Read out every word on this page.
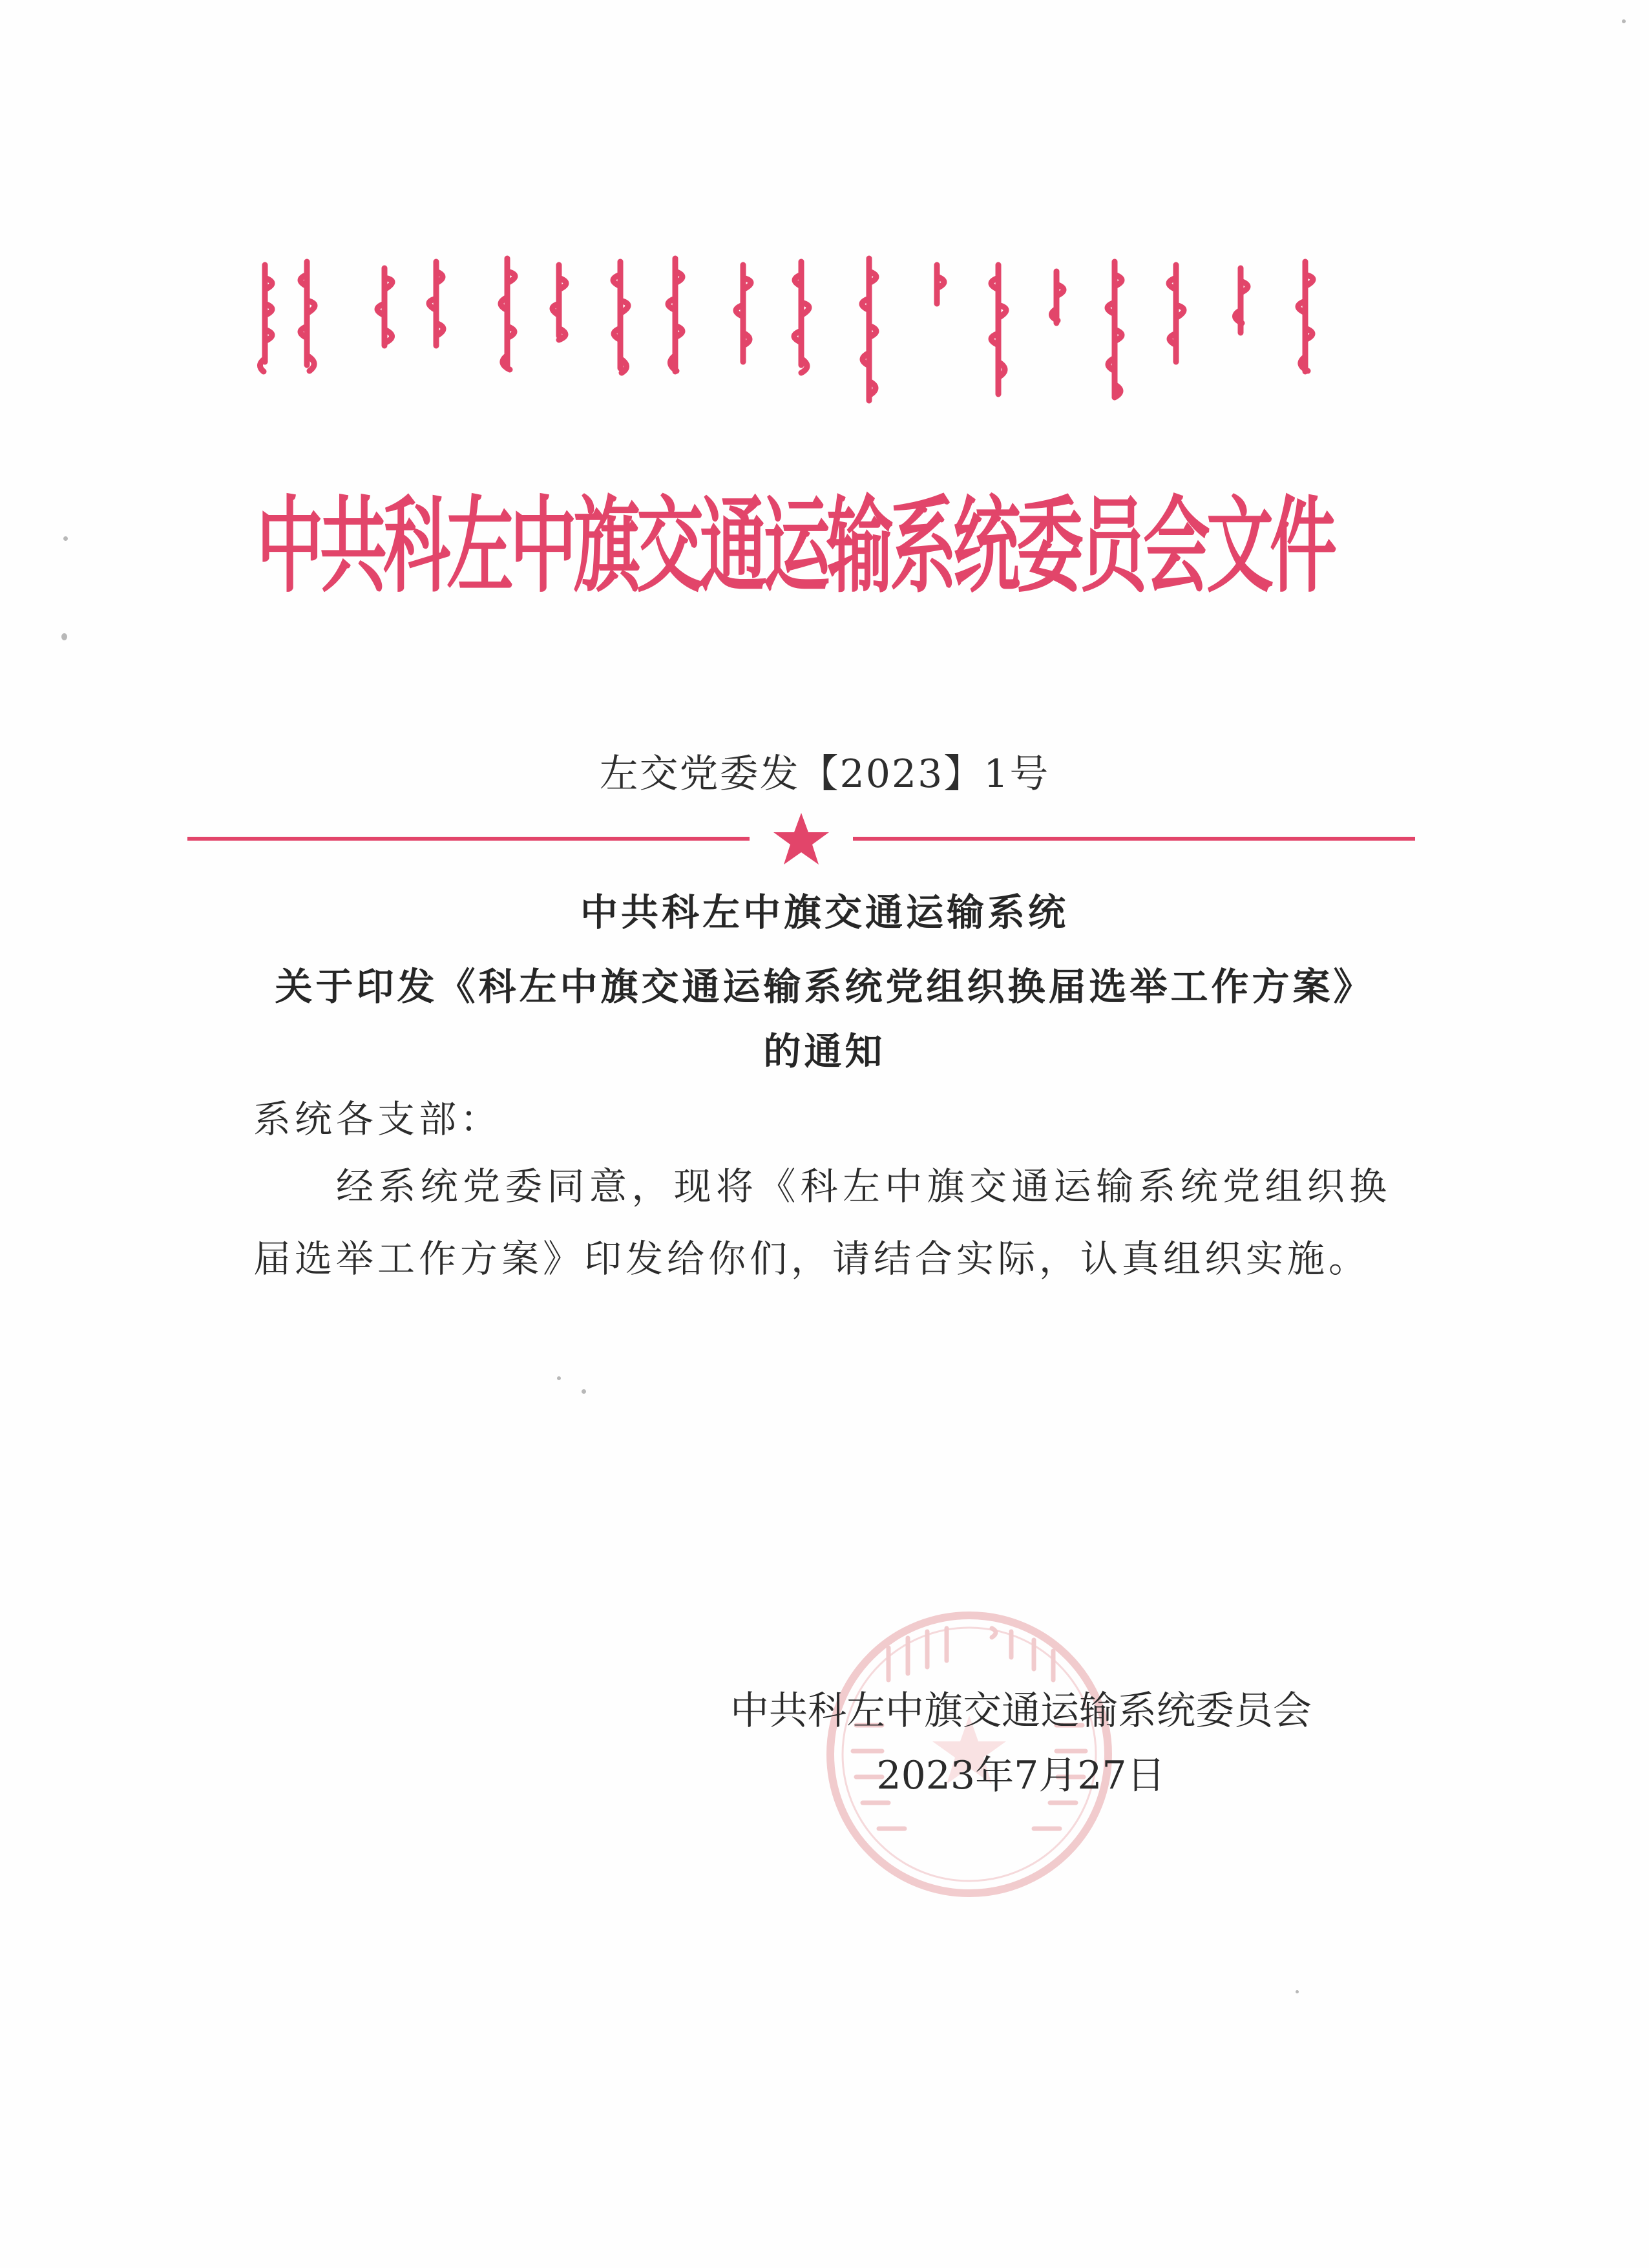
中共科左中旗交通运输系统委员会文件
左交党委发【2023】1号
中共科左中旗交通运输系统
关于印发《科左中旗交通运输系统党组织换届选举工作方案》
的通知
系统各支部：
经系统党委同意，现将《科左中旗交通运输系统党组织换届选举工作方案》印发给你们，请结合实际，认真组织实施。
中共科左中旗交通运输系统委员会
2023年7月27日
